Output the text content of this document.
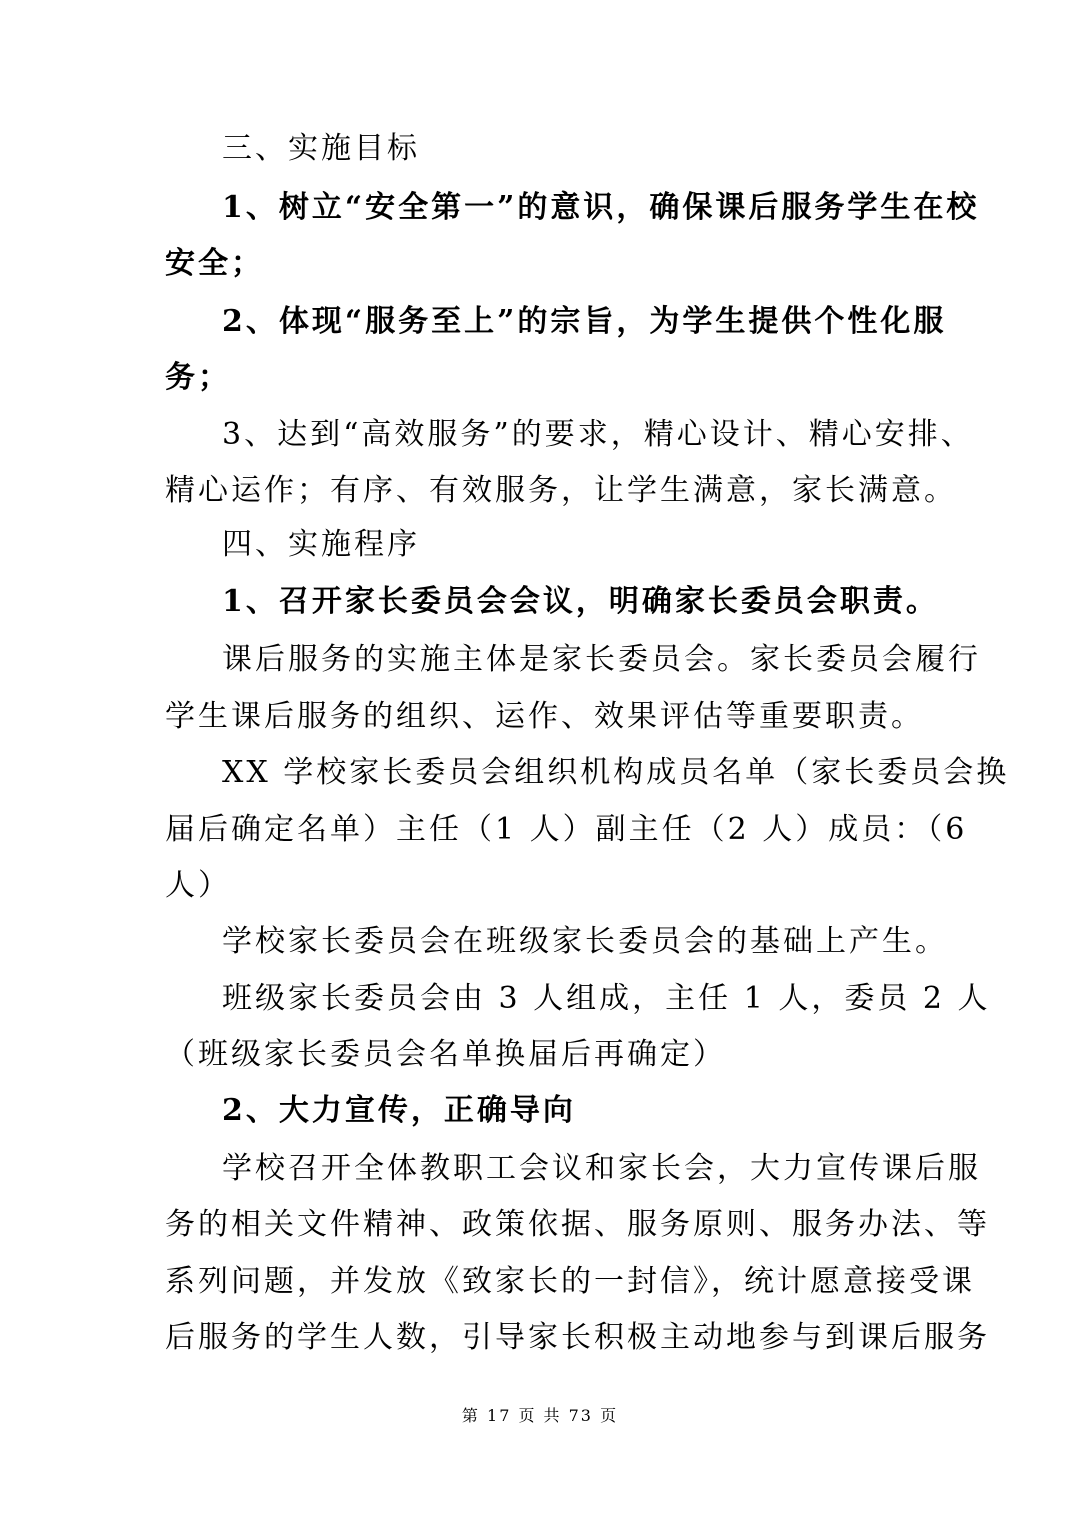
三、实施目标
1、树立“安全第一”的意识，确保课后服务学生在校
安全；
2、体现“服务至上”的宗旨，为学生提供个性化服
务；
3、达到“高效服务”的要求，精心设计、精心安排、
精心运作；有序、有效服务，让学生满意，家长满意。
四、实施程序
1、召开家长委员会会议，明确家长委员会职责。
课后服务的实施主体是家长委员会。家长委员会履行
学生课后服务的组织、运作、效果评估等重要职责。
XX 学校家长委员会组织机构成员名单（家长委员会换
届后确定名单）主任（1 人）副主任（2 人）成员：（6
人）
学校家长委员会在班级家长委员会的基础上产生。
班级家长委员会由 3 人组成，主任 1 人，委员 2 人
（班级家长委员会名单换届后再确定）
2、大力宣传，正确导向
学校召开全体教职工会议和家长会，大力宣传课后服
务的相关文件精神、政策依据、服务原则、服务办法、等
系列问题，并发放《致家长的一封信》，统计愿意接受课
后服务的学生人数，引导家长积极主动地参与到课后服务
第 17 页 共 73 页
